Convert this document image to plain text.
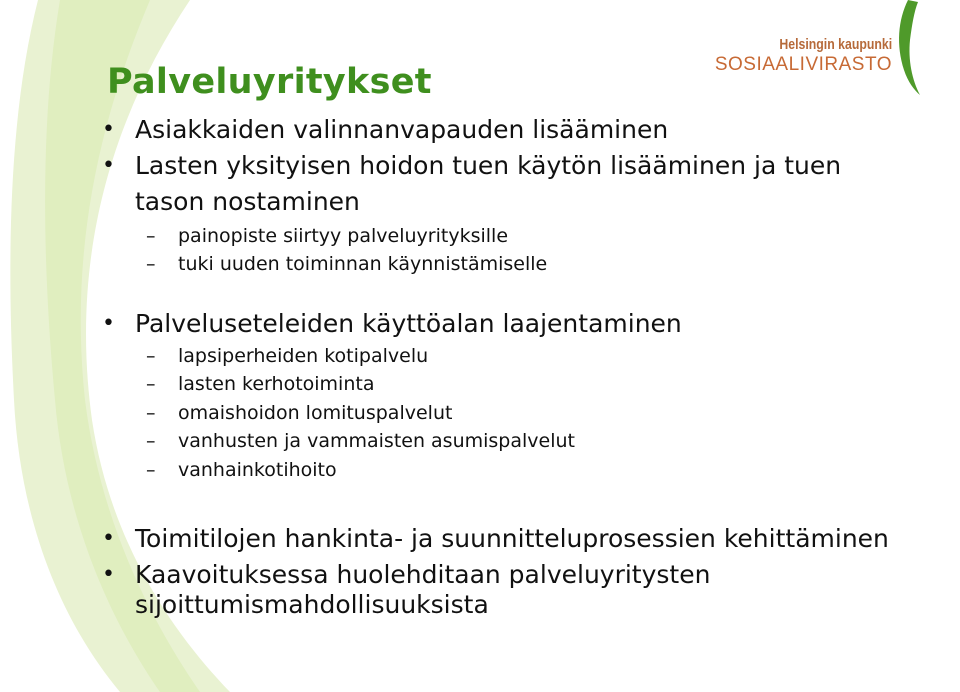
Helsingin kaupunki
SOSIAALIVIRASTO
Palveluyritykset
• Asiakkaiden valinnanvapauden lisääminen
• Lasten yksityisen hoidon tuen käytön lisääminen ja tuen
tason nostaminen
– painopiste siirtyy palveluyrityksille
– tuki uuden toiminnan käynnistämiselle
• Palveluseteleiden käyttöalan laajentaminen
– lapsiperheiden kotipalvelu
– lasten kerhotoiminta
– omaishoidon lomituspalvelut
– vanhusten ja vammaisten asumispalvelut
– vanhainkotihoito
• Toimitilojen hankinta- ja suunnitteluprosessien kehittäminen
• Kaavoituksessa huolehditaan palveluyritysten
sijoittumismahdollisuuksista
